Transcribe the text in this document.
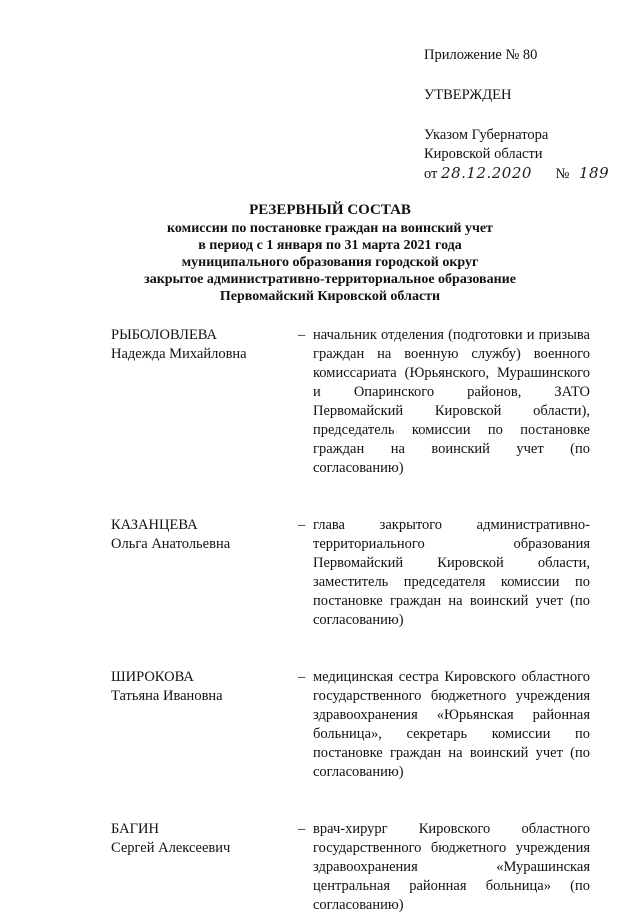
Приложение № 80
УТВЕРЖДЕН
Указом Губернатора
Кировской области
от 28.12.2020 № 189
РЕЗЕРВНЫЙ СОСТАВ
комиссии по постановке граждан на воинский учет
в период с 1 января по 31 марта 2021 года
муниципального образования городской округ
закрытое административно-территориальное образование
Первомайский Кировской области
РЫБОЛОВЛЕВА
Надежда Михайловна
– начальник отделения (подготовки и призыва граждан на военную службу) военного комиссариата (Юрьянского, Мурашинского и Опаринского районов, ЗАТО Первомайский Кировской области), председатель комиссии по постановке граждан на воинский учет (по согласованию)
КАЗАНЦЕВА
Ольга Анатольевна
– глава закрытого административно-территориального образования Первомайский Кировской области, заместитель председателя комиссии по постановке граждан на воинский учет (по согласованию)
ШИРОКОВА
Татьяна Ивановна
– медицинская сестра Кировского областного государственного бюджетного учреждения здравоохранения «Юрьянская районная больница», секретарь комиссии по постановке граждан на воинский учет (по согласованию)
БАГИН
Сергей Алексеевич
– врач-хирург Кировского областного государственного бюджетного учреждения здравоохранения «Мурашинская центральная районная больница» (по согласованию)
